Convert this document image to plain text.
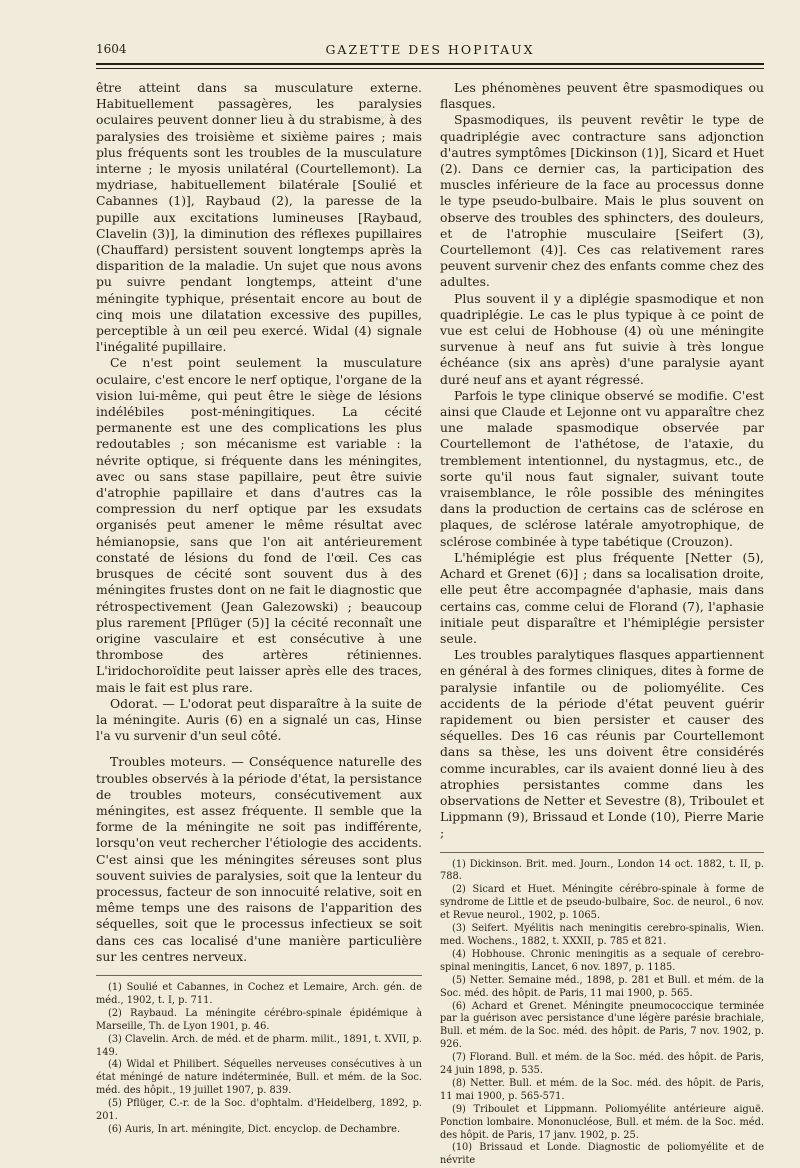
1604	GAZETTE DES HOPITAUX

être atteint dans sa musculature externe. Habituellement passagères, les paralysies oculaires peuvent donner lieu à du strabisme, à des paralysies des troisième et sixième paires ; mais plus fréquents sont les troubles de la musculature interne ; le myosis unilatéral (Courtellemont). La mydriase, habituellement bilatérale [Soulié et Cabannes (1)], Raybaud (2), la paresse de la pupille aux excitations lumineuses [Raybaud, Clavelin (3)], la diminution des réflexes pupillaires (Chauffard) persistent souvent longtemps après la disparition de la maladie. Un sujet que nous avons pu suivre pendant longtemps, atteint d'une méningite typhique, présentait encore au bout de cinq mois une dilatation excessive des pupilles, perceptible à un œil peu exercé. Widal (4) signale l'inégalité pupillaire.

Ce n'est point seulement la musculature oculaire, c'est encore le nerf optique, l'organe de la vision lui-même, qui peut être le siège de lésions indélébiles post-méningitiques. La cécité permanente est une des complications les plus redoutables ; son mécanisme est variable : la névrite optique, si fréquente dans les méningites, avec ou sans stase papillaire, peut être suivie d'atrophie papillaire et dans d'autres cas la compression du nerf optique par les exsudats organisés peut amener le même résultat avec hémianopsie, sans que l'on ait antérieurement constaté de lésions du fond de l'œil. Ces cas brusques de cécité sont souvent dus à des méningites frustes dont on ne fait le diagnostic que rétrospectivement (Jean Galezowski) ; beaucoup plus rarement [Pflüger (5)] la cécité reconnaît une origine vasculaire et est consécutive à une thrombose des artères rétiniennes. L'iridochoroïdite peut laisser après elle des traces, mais le fait est plus rare.

Odorat. — L'odorat peut disparaître à la suite de la méningite. Auris (6) en a signalé un cas, Hinse l'a vu survenir d'un seul côté.

Troubles moteurs. — Conséquence naturelle des troubles observés à la période d'état, la persistance de troubles moteurs, consécutivement aux méningites, est assez fréquente. Il semble que la forme de la méningite ne soit pas indifférente, lorsqu'on veut rechercher l'étiologie des accidents. C'est ainsi que les méningites séreuses sont plus souvent suivies de paralysies, soit que la lenteur du processus, facteur de son innocuité relative, soit en même temps une des raisons de l'apparition des séquelles, soit que le processus infectieux se soit dans ces cas localisé d'une manière particulière sur les centres nerveux.

(1) Soulié et Cabannes, in Cochez et Lemaire, Arch. gén. de méd., 1902, t. I, p. 711.

(2) Raybaud. La méningite cérébro-spinale épidémique à Marseille, Th. de Lyon 1901, p. 46.

(3) Clavelin. Arch. de méd. et de pharm. milit., 1891, t. XVII, p. 149.

(4) Widal et Philibert. Séquelles nerveuses consécutives à un état méningé de nature indéterminée, Bull. et mém. de la Soc. méd. des hôpit., 19 juillet 1907, p. 839.

(5) Pflüger, C.-r. de la Soc. d'ophtalm. d'Heidelberg, 1892, p. 201.

(6) Auris, In art. méningite, Dict. encyclop. de Dechambre.

Les phénomènes peuvent être spasmodiques ou flasques.

Spasmodiques, ils peuvent revêtir le type de quadriplégie avec contracture sans adjonction d'autres symptômes [Dickinson (1)], Sicard et Huet (2). Dans ce dernier cas, la participation des muscles inférieure de la face au processus donne le type pseudo-bulbaire. Mais le plus souvent on observe des troubles des sphincters, des douleurs, et de l'atrophie musculaire [Seifert (3), Courtellemont (4)]. Ces cas relativement rares peuvent survenir chez des enfants comme chez des adultes.

Plus souvent il y a diplégie spasmodique et non quadriplégie. Le cas le plus typique à ce point de vue est celui de Hobhouse (4) où une méningite survenue à neuf ans fut suivie à très longue échéance (six ans après) d'une paralysie ayant duré neuf ans et ayant régressé.

Parfois le type clinique observé se modifie. C'est ainsi que Claude et Lejonne ont vu apparaître chez une malade spasmodique observée par Courtellemont de l'athétose, de l'ataxie, du tremblement intentionnel, du nystagmus, etc., de sorte qu'il nous faut signaler, suivant toute vraisemblance, le rôle possible des méningites dans la production de certains cas de sclérose en plaques, de sclérose latérale amyotrophique, de sclérose combinée à type tabétique (Crouzon).

L'hémiplégie est plus fréquente [Netter (5), Achard et Grenet (6)] ; dans sa localisation droite, elle peut être accompagnée d'aphasie, mais dans certains cas, comme celui de Florand (7), l'aphasie initiale peut disparaître et l'hémiplégie persister seule.

Les troubles paralytiques flasques appartiennent en général à des formes cliniques, dites à forme de paralysie infantile ou de poliomyélite. Ces accidents de la période d'état peuvent guérir rapidement ou bien persister et causer des séquelles. Des 16 cas réunis par Courtellemont dans sa thèse, les uns doivent être considérés comme incurables, car ils avaient donné lieu à des atrophies persistantes comme dans les observations de Netter et Sevestre (8), Triboulet et Lippmann (9), Brissaud et Londe (10), Pierre Marie ;

(1) Dickinson. Brit. med. Journ., London 14 oct. 1882, t. II, p. 788.

(2) Sicard et Huet. Méningite cérébro-spinale à forme de syndrome de Little et de pseudo-bulbaire, Soc. de neurol., 6 nov. et Revue neurol., 1902, p. 1065.

(3) Seifert. Myélitis nach meningitis cerebro-spinalis, Wien. med. Wochens., 1882, t. XXXII, p. 785 et 821.

(4) Hobhouse. Chronic meningitis as a sequale of cerebro-spinal meningitis, Lancet, 6 nov. 1897, p. 1185.

(5) Netter. Semaine méd., 1898, p. 281 et Bull. et mém. de la Soc. méd. des hôpit. de Paris, 11 mai 1900, p. 565.

(6) Achard et Grenet. Méningite pneumococcique terminée par la guérison avec persistance d'une légère parésie brachiale, Bull. et mém. de la Soc. méd. des hôpit. de Paris, 7 nov. 1902, p. 926.

(7) Florand. Bull. et mém. de la Soc. méd. des hôpit. de Paris, 24 juin 1898, p. 535.

(8) Netter. Bull. et mém. de la Soc. méd. des hôpit. de Paris, 11 mai 1900, p. 565-571.

(9) Triboulet et Lippmann. Poliomyélite antérieure aiguë. Ponction lombaire. Mononucléose, Bull. et mém. de la Soc. méd. des hôpit. de Paris, 17 janv. 1902, p. 25.

(10) Brissaud et Londe. Diagnostic de poliomyélite et de névrite
